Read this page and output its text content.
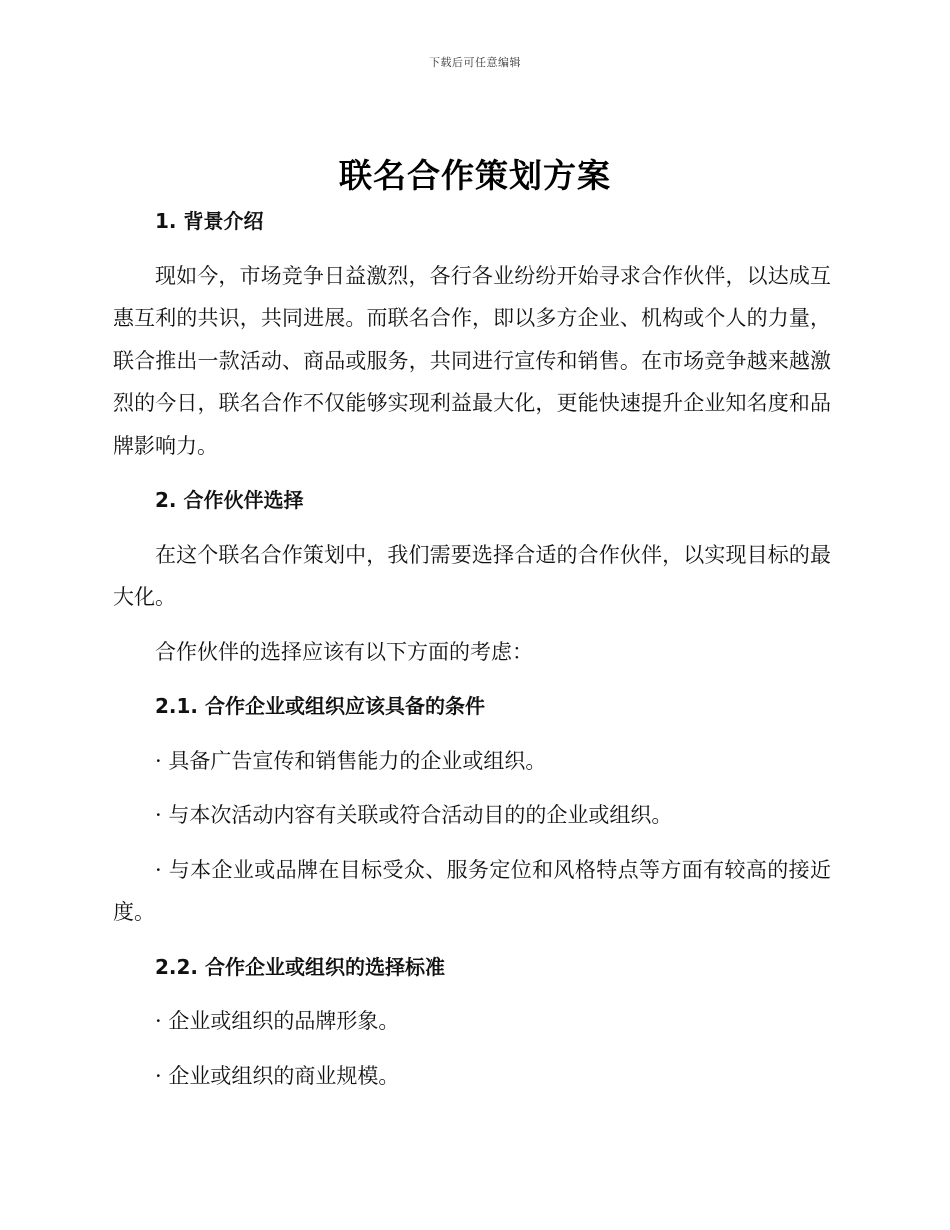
下载后可任意编辑
联名合作策划方案
1. 背景介绍

现如今，市场竞争日益激烈，各行各业纷纷开始寻求合作伙伴，以达成互惠互利的共识，共同进展。而联名合作，即以多方企业、机构或个人的力量，联合推出一款活动、商品或服务，共同进行宣传和销售。在市场竞争越来越激烈的今日，联名合作不仅能够实现利益最大化，更能快速提升企业知名度和品牌影响力。

2. 合作伙伴选择

在这个联名合作策划中，我们需要选择合适的合作伙伴，以实现目标的最大化。

合作伙伴的选择应该有以下方面的考虑：

2.1. 合作企业或组织应该具备的条件

· 具备广告宣传和销售能力的企业或组织。

· 与本次活动内容有关联或符合活动目的的企业或组织。

· 与本企业或品牌在目标受众、服务定位和风格特点等方面有较高的接近度。

2.2. 合作企业或组织的选择标准

· 企业或组织的品牌形象。

· 企业或组织的商业规模。
